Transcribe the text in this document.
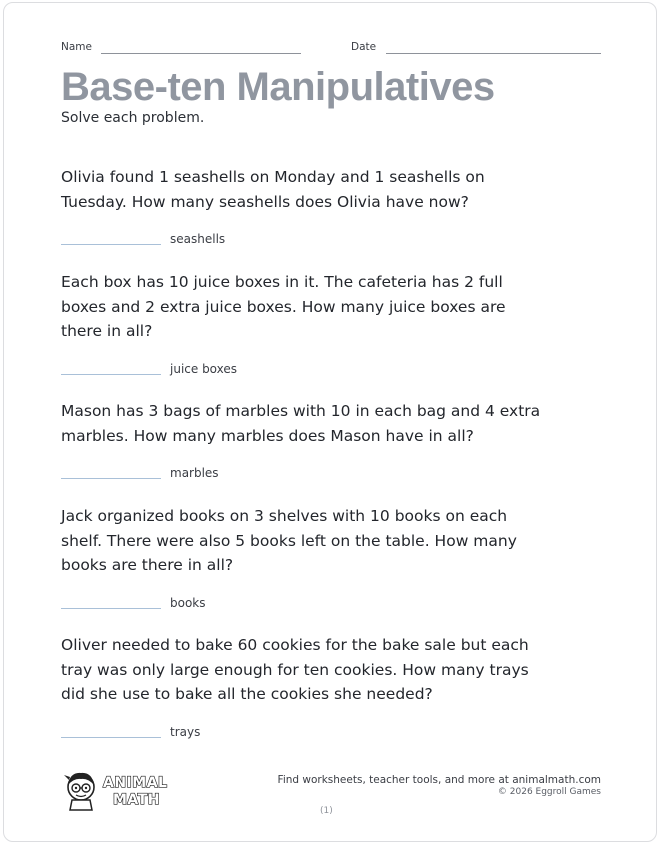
Name	Date
Base-ten Manipulatives

Solve each problem.

Olivia found 1 seashells on Monday and 1 seashells on Tuesday. How many seashells does Olivia have now?

seashells

Each box has 10 juice boxes in it. The cafeteria has 2 full boxes and 2 extra juice boxes. How many juice boxes are there in all?

juice boxes

Mason has 3 bags of marbles with 10 in each bag and 4 extra marbles. How many marbles does Mason have in all?

marbles

Jack organized books on 3 shelves with 10 books on each shelf. There were also 5 books left on the table. How many books are there in all?

books

Oliver needed to bake 60 cookies for the bake sale but each tray was only large enough for ten cookies. How many trays did she use to bake all the cookies she needed?

trays
ANIMAL
MATH
Find worksheets, teacher tools, and more at animalmath.com
© 2026 Eggroll Games
(1)
